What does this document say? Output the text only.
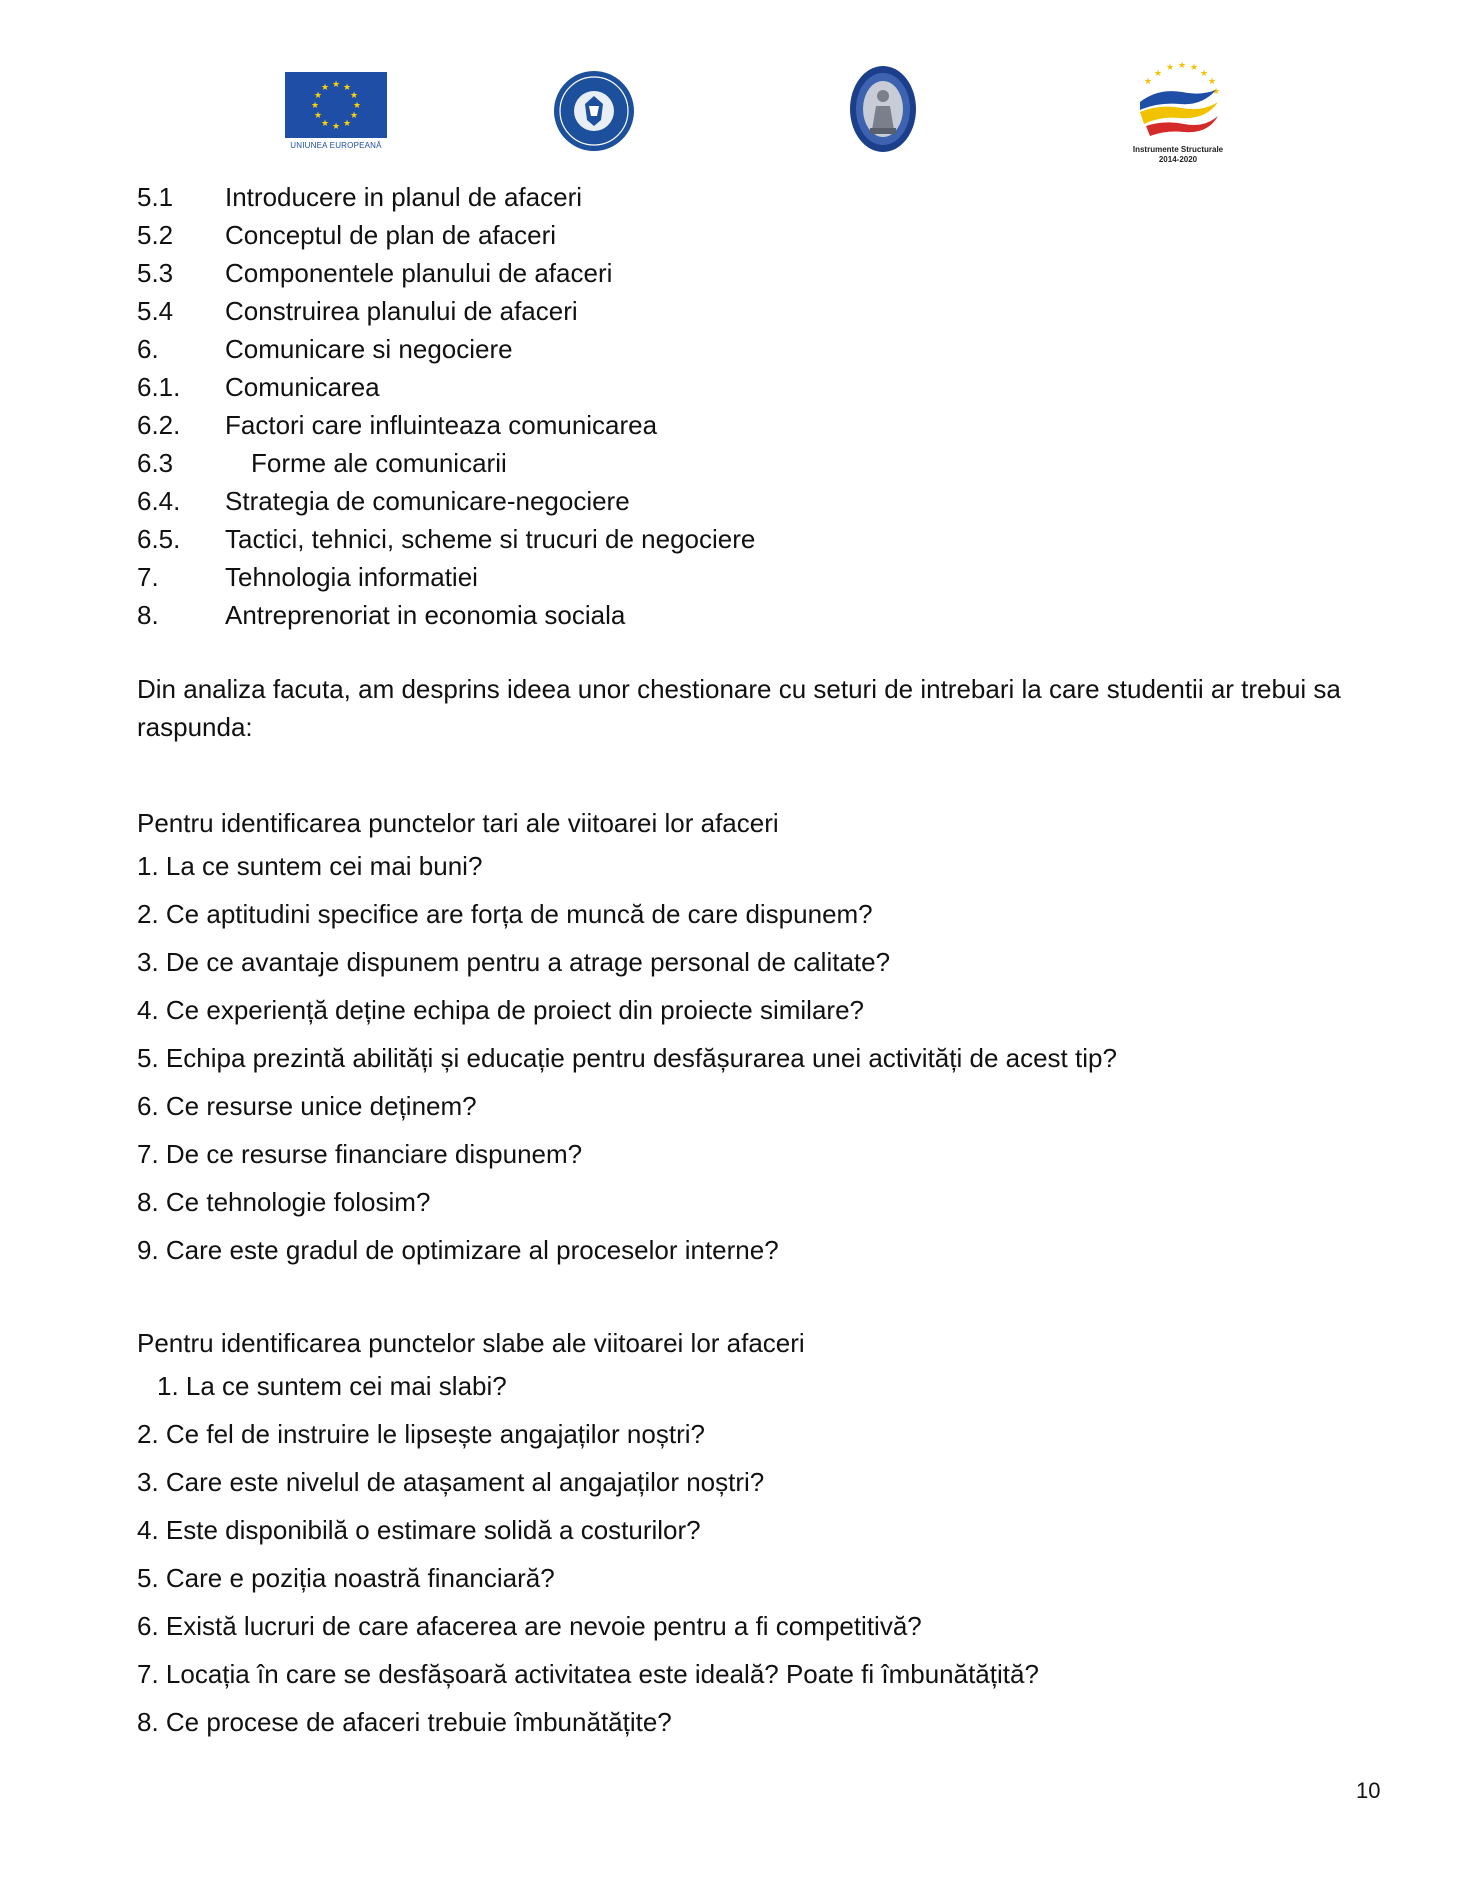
★ ★
★
★
★
★
★
★
★
★
★
★
UNIUNEA EUROPEANĂ
★
★ ★ ★
★
★
★
★
Instrumente Structurale
2014-2020
5.1 Introducere in planul de afaceri
5.2 Conceptul de plan de afaceri
5.3 Componentele planului de afaceri
5.4 Construirea planului de afaceri
6.	Comunicare si negociere
6.1. Comunicarea
6.2. Factori care influinteaza comunicarea
6.3	Forme ale comunicarii
6.4. Strategia de comunicare-negociere
6.5. Tactici, tehnici, scheme si trucuri de negociere
7.	Tehnologia informatiei
8.	Antreprenoriat in economia sociala
Din analiza facuta, am desprins ideea unor chestionare cu seturi de intrebari la care studentii ar trebui sa raspunda:
Pentru identificarea punctelor tari ale viitoarei lor afaceri
1. La ce suntem cei mai buni?
2. Ce aptitudini specifice are forța de muncă de care dispunem?
3. De ce avantaje dispunem pentru a atrage personal de calitate?
4. Ce experiență deține echipa de proiect din proiecte similare?
5. Echipa prezintă abilități și educație pentru desfășurarea unei activități de acest tip?
6. Ce resurse unice deținem?
7. De ce resurse financiare dispunem?
8. Ce tehnologie folosim?
9. Care este gradul de optimizare al proceselor interne?
Pentru identificarea punctelor slabe ale viitoarei lor afaceri
1. La ce suntem cei mai slabi?
2. Ce fel de instruire le lipsește angajaților noștri?
3. Care este nivelul de atașament al angajaților noștri?
4. Este disponibilă o estimare solidă a costurilor?
5. Care e poziția noastră financiară?
6. Există lucruri de care afacerea are nevoie pentru a fi competitivă?
7. Locația în care se desfășoară activitatea este ideală? Poate fi îmbunătățită?
8. Ce procese de afaceri trebuie îmbunătățite?
10
